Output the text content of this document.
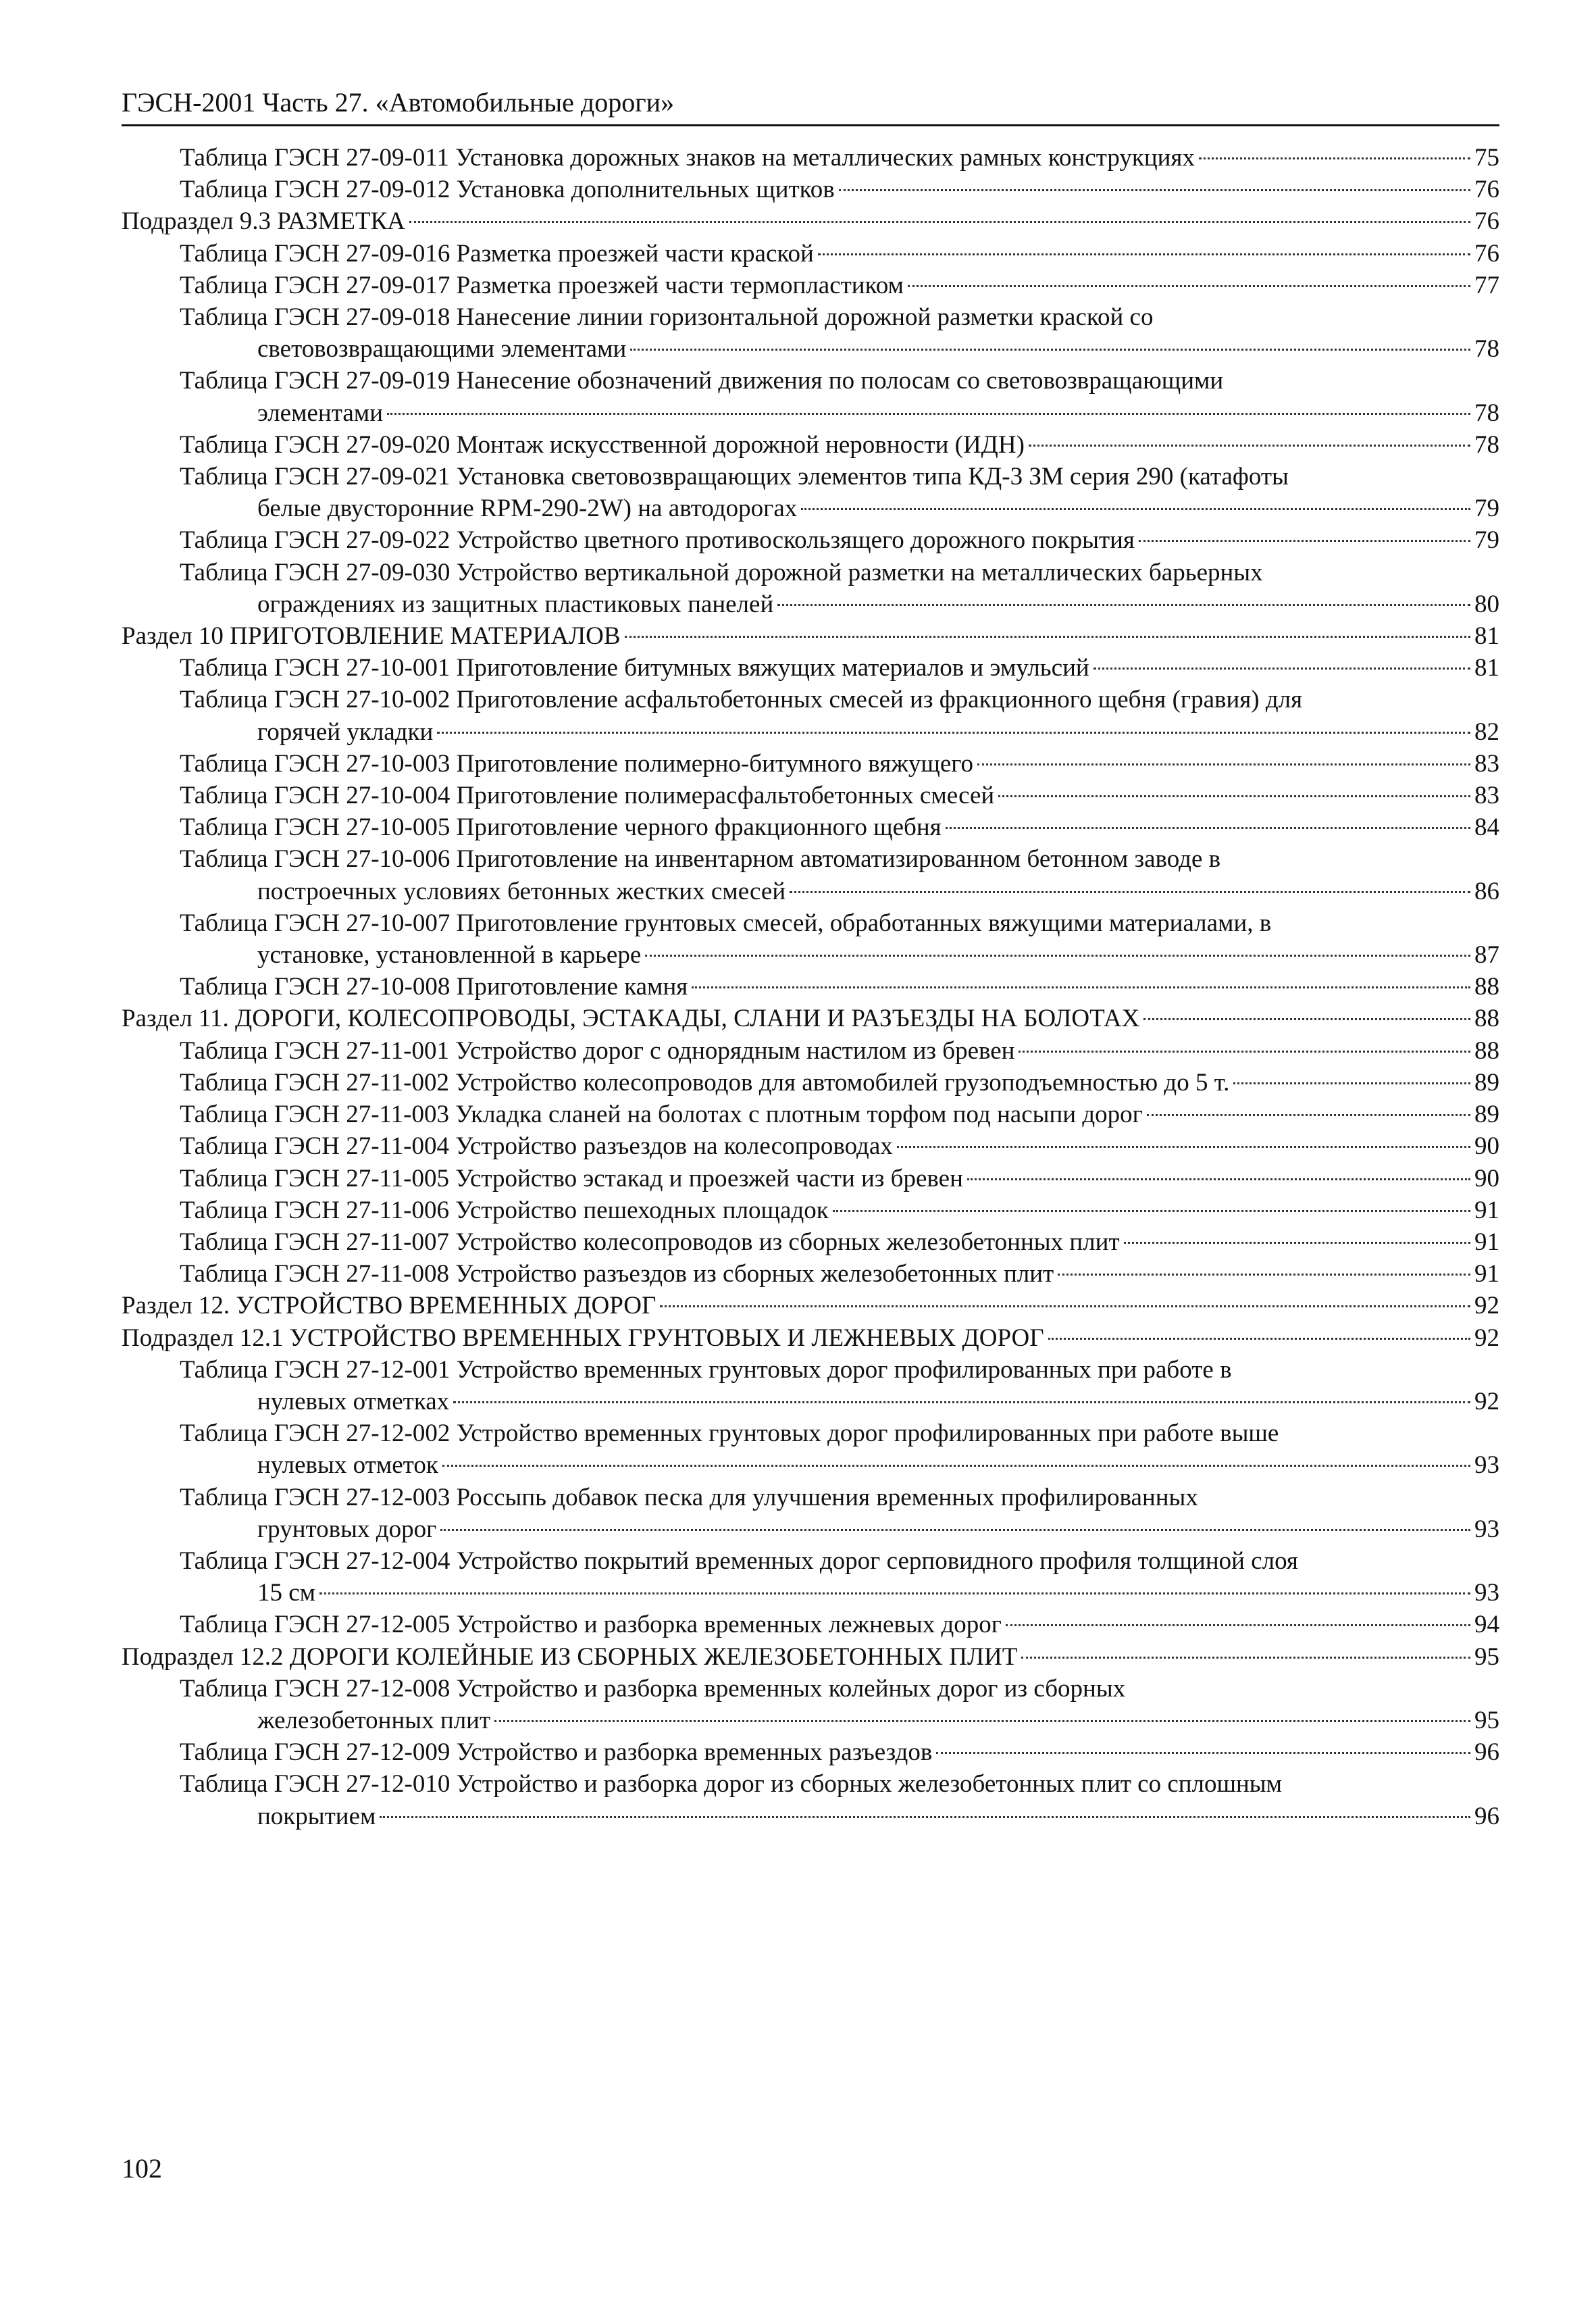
ГЭСН-2001 Часть 27. «Автомобильные дороги»
Таблица ГЭСН 27-09-011 Установка дорожных знаков на металлических рамных конструкциях	75
Таблица ГЭСН 27-09-012 Установка дополнительных щитков	76
Подраздел 9.3 РАЗМЕТКА	76
Таблица ГЭСН 27-09-016 Разметка проезжей части краской	76
Таблица ГЭСН 27-09-017 Разметка проезжей части термопластиком	77
Таблица ГЭСН 27-09-018 Нанесение линии горизонтальной дорожной разметки краской со
световозвращающими элементами	78
Таблица ГЭСН 27-09-019 Нанесение обозначений движения по полосам со световозвращающими
элементами	78
Таблица ГЭСН 27-09-020 Монтаж искусственной дорожной неровности (ИДН)	78
Таблица ГЭСН 27-09-021 Установка световозвращающих элементов типа КД-3 ЗМ серия 290 (катафоты
белые двусторонние RPM-290-2W) на автодорогах	79
Таблица ГЭСН 27-09-022 Устройство цветного противоскользящего дорожного покрытия	79
Таблица ГЭСН 27-09-030 Устройство вертикальной дорожной разметки на металлических барьерных
ограждениях из защитных пластиковых панелей	80
Раздел 10 ПРИГОТОВЛЕНИЕ МАТЕРИАЛОВ	81
Таблица ГЭСН 27-10-001 Приготовление битумных вяжущих материалов и эмульсий	81
Таблица ГЭСН 27-10-002 Приготовление асфальтобетонных смесей из фракционного щебня (гравия) для
горячей укладки	82
Таблица ГЭСН 27-10-003 Приготовление полимерно-битумного вяжущего	83
Таблица ГЭСН 27-10-004 Приготовление полимерасфальтобетонных смесей	83
Таблица ГЭСН 27-10-005 Приготовление черного фракционного щебня	84
Таблица ГЭСН 27-10-006 Приготовление на инвентарном автоматизированном бетонном заводе в
построечных условиях бетонных жестких смесей	86
Таблица ГЭСН 27-10-007 Приготовление грунтовых смесей, обработанных вяжущими материалами, в
установке, установленной в карьере	87
Таблица ГЭСН 27-10-008 Приготовление камня	88
Раздел 11. ДОРОГИ, КОЛЕСОПРОВОДЫ, ЭСТАКАДЫ, СЛАНИ И РАЗЪЕЗДЫ НА БОЛОТАХ	88
Таблица ГЭСН 27-11-001 Устройство дорог с однорядным настилом из бревен	88
Таблица ГЭСН 27-11-002 Устройство колесопроводов для автомобилей грузоподъемностью до 5 т.	89
Таблица ГЭСН 27-11-003 Укладка сланей на болотах с плотным торфом под насыпи дорог	89
Таблица ГЭСН 27-11-004 Устройство разъездов на колесопроводах	90
Таблица ГЭСН 27-11-005 Устройство эстакад и проезжей части из бревен	90
Таблица ГЭСН 27-11-006 Устройство пешеходных площадок	91
Таблица ГЭСН 27-11-007 Устройство колесопроводов из сборных железобетонных плит	91
Таблица ГЭСН 27-11-008 Устройство разъездов из сборных железобетонных плит	91
Раздел 12. УСТРОЙСТВО ВРЕМЕННЫХ ДОРОГ	92
Подраздел 12.1 УСТРОЙСТВО ВРЕМЕННЫХ ГРУНТОВЫХ И ЛЕЖНЕВЫХ ДОРОГ	92
Таблица ГЭСН 27-12-001 Устройство временных грунтовых дорог профилированных при работе в
нулевых отметках	92
Таблица ГЭСН 27-12-002 Устройство временных грунтовых дорог профилированных при работе выше
нулевых отметок	93
Таблица ГЭСН 27-12-003 Россыпь добавок песка для улучшения временных профилированных
грунтовых дорог	93
Таблица ГЭСН 27-12-004 Устройство покрытий временных дорог серповидного профиля толщиной слоя
15 см	93
Таблица ГЭСН 27-12-005 Устройство и разборка временных лежневых дорог	94
Подраздел 12.2 ДОРОГИ КОЛЕЙНЫЕ ИЗ СБОРНЫХ ЖЕЛЕЗОБЕТОННЫХ ПЛИТ	95
Таблица ГЭСН 27-12-008 Устройство и разборка временных колейных дорог из сборных
железобетонных плит	95
Таблица ГЭСН 27-12-009 Устройство и разборка временных разъездов	96
Таблица ГЭСН 27-12-010 Устройство и разборка дорог из сборных железобетонных плит со сплошным
покрытием	96
102
